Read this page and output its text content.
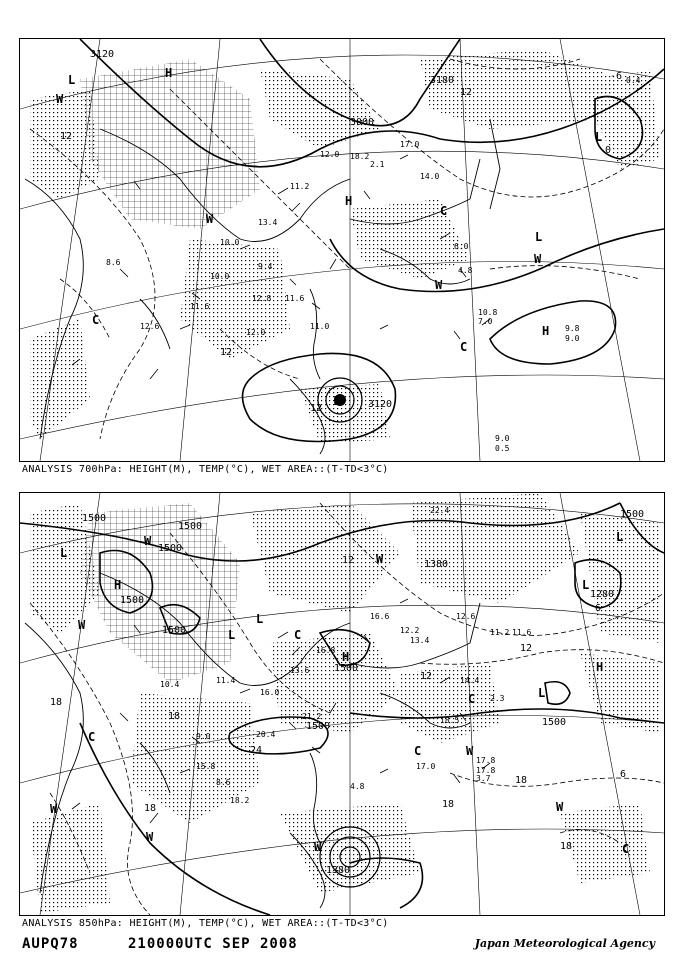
3120
3000
3120
3180
12
12
12
12
0
-6
L	H
L
L
H
C
C
W
W
W
W
H
L
C
12.0
11.2
11.6
6.0
4.8
10.8
7.0
9.8
9.0
9.0
0.5
18.2
17.0
12.6
14.0
2.1
10.0
13.4
12.0
8.6
0.4
9.4
10.0
11.0
11.6
12.8
ANALYSIS 700hPa: HEIGHT(M), TEMP(°C), WET AREA::(T-TD<3°C)
1500
1500
1500
1500
1500
1500
1500
1380
1280
1380
1500
1500
18
18
18	18
18
18
12
12
12
6
6
24
H
L
L
W
W
W
C
C
C
H
L
L
W
W
C
W
W
L
H
C
W
L
21.2
17.8
16.8
17.0
12.6
13.6
16.0
14.4
18.5
11.2 11.6
9.0
17.8
3.7
18.2
2.3
20.4
15.8
8.6
13.4
4.8
11.4
10.4
16.6
12.2
22.4
ANALYSIS 850hPa: HEIGHT(M), TEMP(°C), WET AREA::(T-TD<3°C)
AUPQ78	210000UTC SEP 2008	Japan Meteorological Agency
